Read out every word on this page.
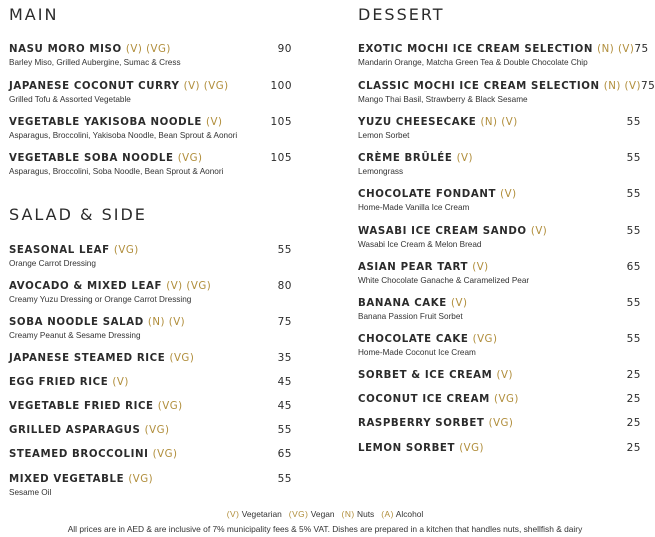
MAIN
NASU MORO MISO (V) (VG)	90
Barley Miso, Grilled Aubergine, Sumac & Cress
JAPANESE COCONUT CURRY (V) (VG)	100
Grilled Tofu & Assorted Vegetable
VEGETABLE YAKISOBA NOODLE (V)	105
Asparagus, Broccolini, Yakisoba Noodle, Bean Sprout & Aonori
VEGETABLE SOBA NOODLE (VG)	105
Asparagus, Broccolini, Soba Noodle, Bean Sprout & Aonori
SALAD & SIDE
SEASONAL LEAF (VG)	55
Orange Carrot Dressing
AVOCADO & MIXED LEAF (V) (VG)	80
Creamy Yuzu Dressing or Orange Carrot Dressing
SOBA NOODLE SALAD (N) (V)	75
Creamy Peanut & Sesame Dressing
JAPANESE STEAMED RICE (VG)	35
EGG FRIED RICE (V)	45
VEGETABLE FRIED RICE (VG)	45
GRILLED ASPARAGUS (VG)	55
STEAMED BROCCOLINI (VG)	65
MIXED VEGETABLE (VG)	55
Sesame Oil
DESSERT
EXOTIC MOCHI ICE CREAM SELECTION (N) (V) 75
Mandarin Orange, Matcha Green Tea & Double Chocolate Chip
CLASSIC MOCHI ICE CREAM SELECTION (N) (V) 75
Mango Thai Basil, Strawberry & Black Sesame
YUZU CHEESECAKE (N) (V)	55
Lemon Sorbet
CRÈME BRÛLÉE (V)	55
Lemongrass
CHOCOLATE FONDANT (V)	55
Home-Made Vanilla Ice Cream
WASABI ICE CREAM SANDO (V)	55
Wasabi Ice Cream & Melon Bread
ASIAN PEAR TART (V)	65
White Chocolate Ganache & Caramelized Pear
BANANA CAKE (V)	55
Banana Passion Fruit Sorbet
CHOCOLATE CAKE (VG)	55
Home-Made Coconut Ice Cream
SORBET & ICE CREAM (V)	25
COCONUT ICE CREAM (VG)	25
RASPBERRY SORBET (VG)	25
LEMON SORBET (VG)	25
(V) Vegetarian (VG) Vegan (N) Nuts (A) Alcohol
All prices are in AED & are inclusive of 7% municipality fees & 5% VAT. Dishes are prepared in a kitchen that handles nuts, shellfish & dairy
